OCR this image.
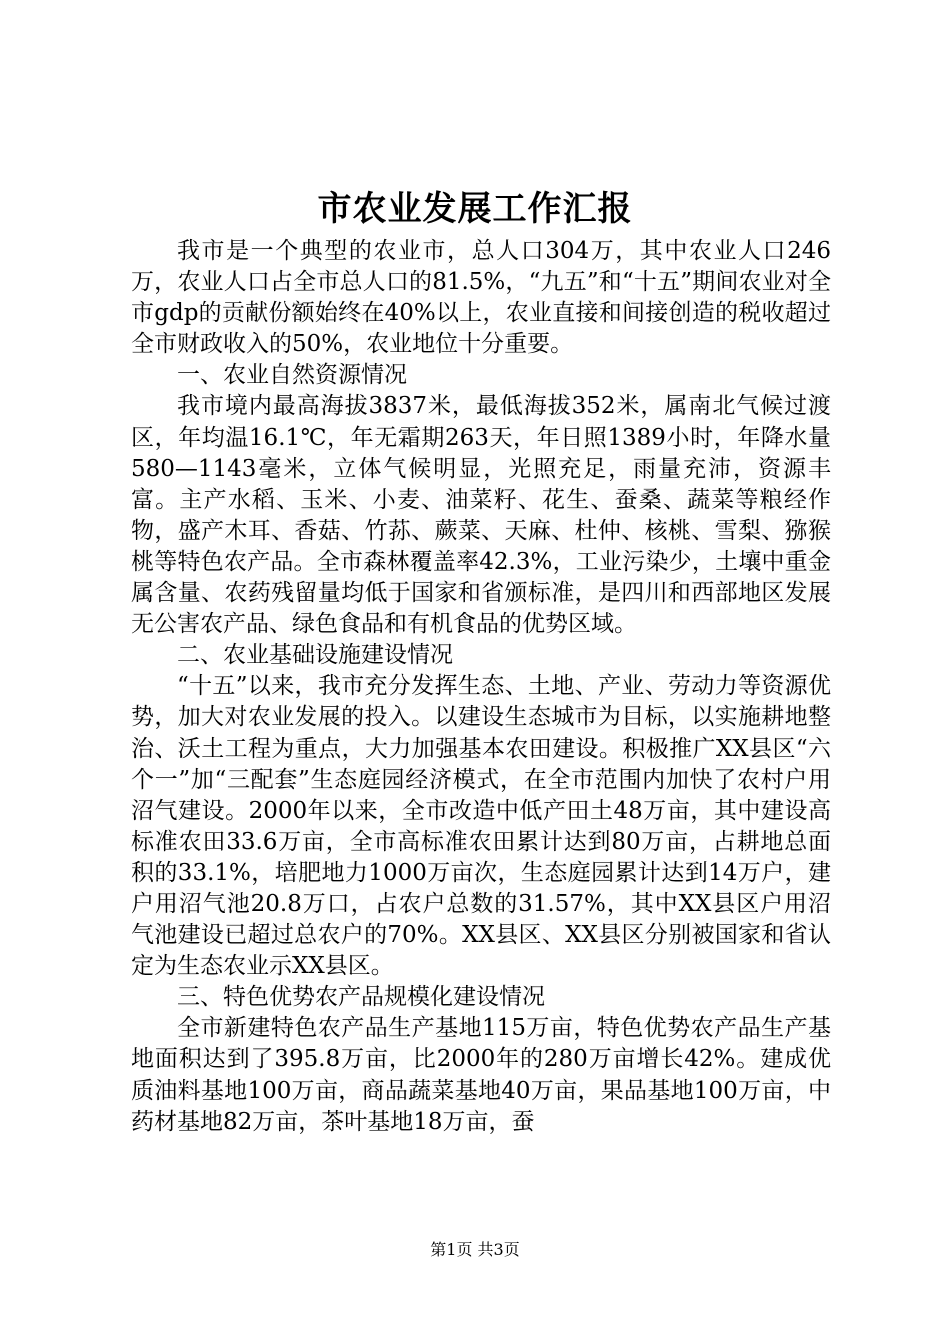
市农业发展工作汇报

我市是一个典型的农业市，总人口304万，其中农业人口246万，农业人口占全市总人口的81.5%，“九五”和“十五”期间农业对全市gdp的贡献份额始终在40%以上，农业直接和间接创造的税收超过全市财政收入的50%，农业地位十分重要。

一、农业自然资源情况

我市境内最高海拔3837米，最低海拔352米，属南北气候过渡区，年均温16.1℃，年无霜期263天，年日照1389小时，年降水量580—1143毫米，立体气候明显，光照充足，雨量充沛，资源丰富。主产水稻、玉米、小麦、油菜籽、花生、蚕桑、蔬菜等粮经作物，盛产木耳、香菇、竹荪、蕨菜、天麻、杜仲、核桃、雪梨、猕猴桃等特色农产品。全市森林覆盖率42.3%，工业污染少，土壤中重金属含量、农药残留量均低于国家和省颁标准，是四川和西部地区发展无公害农产品、绿色食品和有机食品的优势区域。

二、农业基础设施建设情况

“十五”以来，我市充分发挥生态、土地、产业、劳动力等资源优势，加大对农业发展的投入。以建设生态城市为目标，以实施耕地整治、沃土工程为重点，大力加强基本农田建设。积极推广XX县区“六个一”加“三配套”生态庭园经济模式，在全市范围内加快了农村户用沼气建设。2000年以来，全市改造中低产田土48万亩，其中建设高标准农田33.6万亩，全市高标准农田累计达到80万亩，占耕地总面积的33.1%，培肥地力1000万亩次，生态庭园累计达到14万户，建户用沼气池20.8万口，占农户总数的31.57%，其中XX县区户用沼气池建设已超过总农户的70%。XX县区、XX县区分别被国家和省认定为生态农业示XX县区。

三、特色优势农产品规模化建设情况

全市新建特色农产品生产基地115万亩，特色优势农产品生产基地面积达到了395.8万亩，比2000年的280万亩增长42%。建成优质油料基地100万亩，商品蔬菜基地40万亩，果品基地100万亩，中药材基地82万亩，茶叶基地18万亩，蚕

第1页 共3页
